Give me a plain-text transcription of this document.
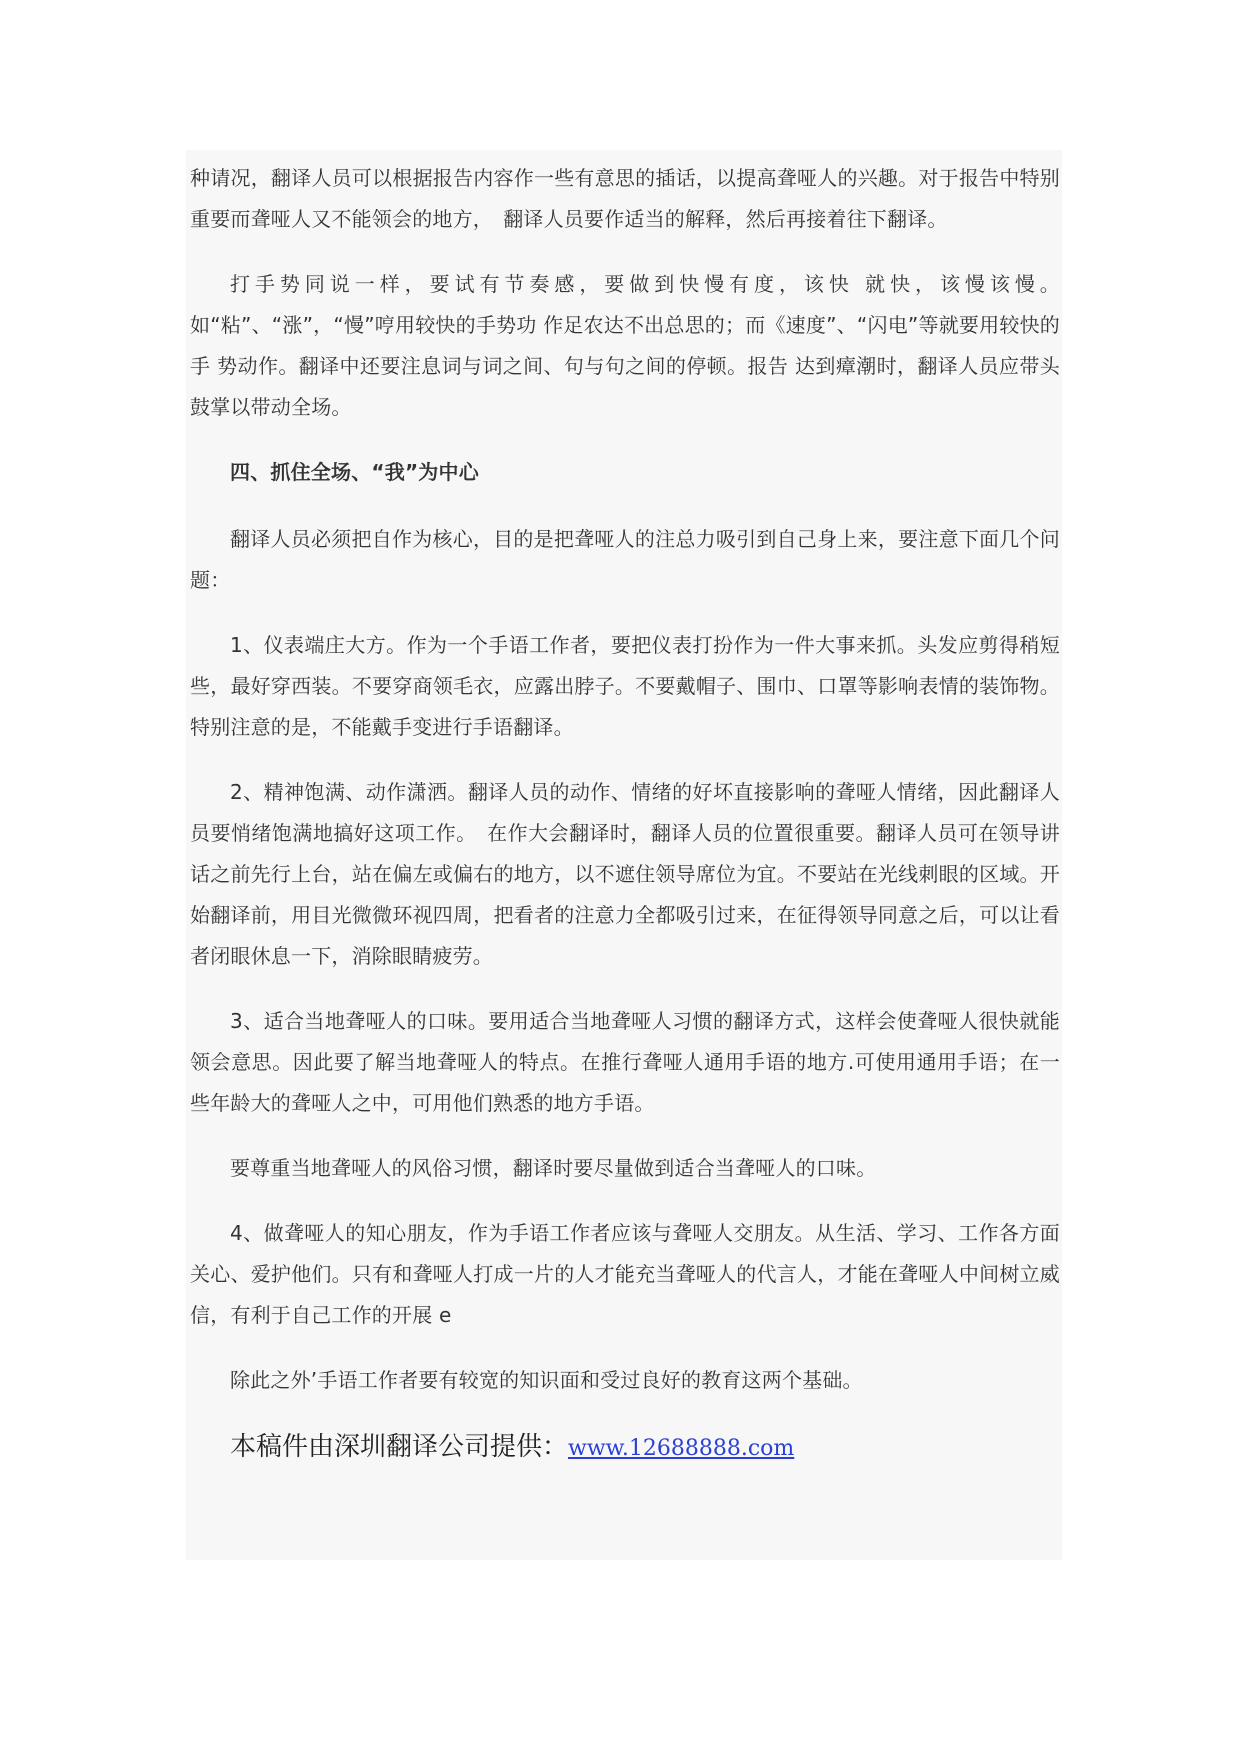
种请况，翻译人员可以根据报告内容作一些有意思的插话，以提高聋哑人的兴趣。对于报告中特别重要而聋哑人又不能领会的地方，　翻译人员要作适当的解释，然后再接着往下翻译。

打手势同说一样，要试有节奏感，要做到快慢有度，该快 就快，该慢该慢。如“粘”、“涨”，“慢”哼用较快的手势功 作足农达不出总思的；而《速度”、“闪电”等就要用较快的手 势动作。翻译中还要注息词与词之间、句与句之间的停顿。报告 达到瘴潮时，翻译人员应带头鼓掌以带动全场。

四、抓住全场、“我”为中心

翻译人员必须把自作为核心，目的是把聋哑人的注总力吸引到自己身上来，要注意下面几个问题：

1、仪表端庄大方。作为一个手语工作者，要把仪表打扮作为一件大事来抓。头发应剪得稍短些，最好穿西装。不要穿商领毛衣，应露出脖子。不要戴帽子、围巾、口罩等影响表情的装饰物。特别注意的是，不能戴手变进行手语翻译。

2、精神饱满、动作潇洒。翻译人员的动作、情绪的好坏直接影响的聋哑人情绪，因此翻译人员要悄绪饱满地搞好这项工作。　在作大会翻译时，翻译人员的位置很重要。翻译人员可在领导讲话之前先行上台，站在偏左或偏右的地方，以不遮住领导席位为宜。不要站在光线刺眼的区域。开始翻译前，用目光微微环视四周，把看者的注意力全都吸引过来，在征得领导同意之后，可以让看者闭眼休息一下，消除眼睛疲劳。

3、适合当地聋哑人的口味。要用适合当地聋哑人习惯的翻译方式，这样会使聋哑人很快就能领会意思。因此要了解当地聋哑人的特点。在推行聋哑人通用手语的地方.可使用通用手语；在一些年龄大的聋哑人之中，可用他们熟悉的地方手语。

要尊重当地聋哑人的风俗习惯，翻译时要尽量做到适合当聋哑人的口味。

4、做聋哑人的知心朋友，作为手语工作者应该与聋哑人交朋友。从生活、学习、工作各方面关心、爱护他们。只有和聋哑人打成一片的人才能充当聋哑人的代言人，才能在聋哑人中间树立威信，有利于自己工作的开展 e

除此之外’手语工作者要有较宽的知识面和受过良好的教育这两个基础。

本稿件由深圳翻译公司提供：www.12688888.com
